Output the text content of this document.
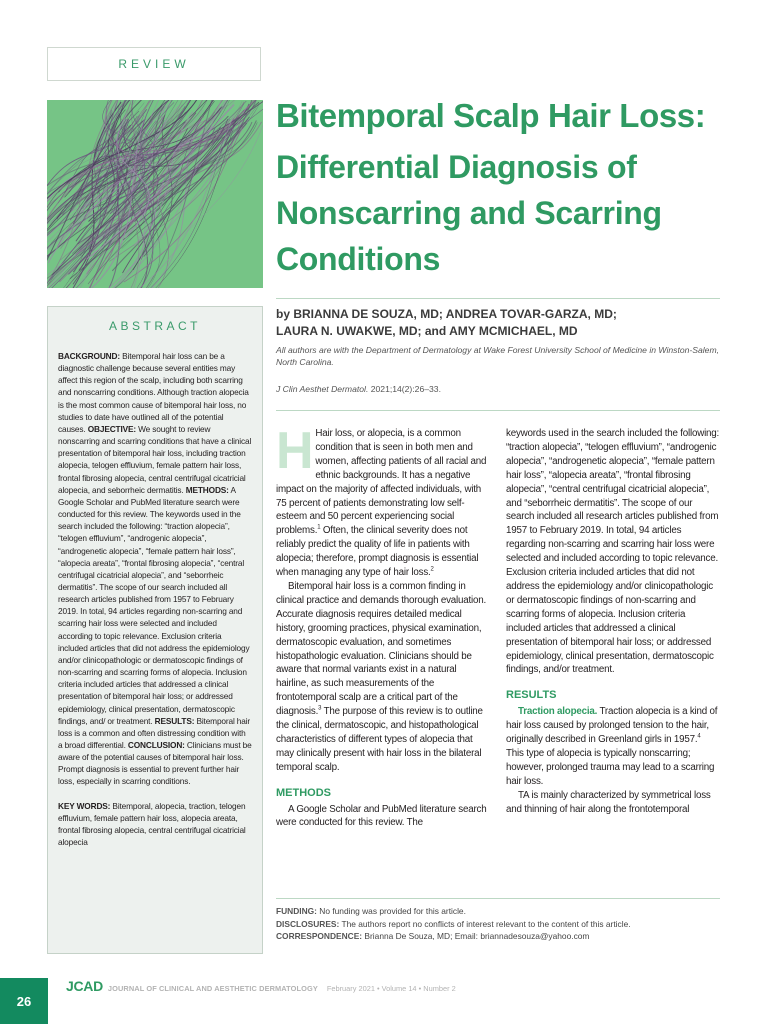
REVIEW
Bitemporal Scalp Hair Loss:
Differential Diagnosis of Nonscarring and Scarring Conditions
by BRIANNA DE SOUZA, MD; ANDREA TOVAR-GARZA, MD;
LAURA N. UWAKWE, MD; and AMY MCMICHAEL, MD
All authors are with the Department of Dermatology at Wake Forest University School of Medicine in Winston-Salem, North Carolina.
J Clin Aesthet Dermatol. 2021;14(2):26–33.
ABSTRACT
BACKGROUND: Bitemporal hair loss can be a diagnostic challenge because several entities may affect this region of the scalp, including both scarring and nonscarring conditions. Although traction alopecia is the most common cause of bitemporal hair loss, no studies to date have outlined all of the potential causes. OBJECTIVE: We sought to review nonscarring and scarring conditions that have a clinical presentation of bitemporal hair loss, including traction alopecia, telogen effluvium, female pattern hair loss, frontal fibrosing alopecia, central centrifugal cicatricial alopecia, and seborrheic dermatitis. METHODS: A Google Scholar and PubMed literature search were conducted for this review. The keywords used in the search included the following: “traction alopecia”, “telogen effluvium”, “androgenic alopecia”, “androgenetic alopecia”, “female pattern hair loss”, “alopecia areata”, “frontal fibrosing alopecia”, “central centrifugal cicatricial alopecia”, and “seborrheic dermatitis”. The scope of our search included all research articles published from 1957 to February 2019. In total, 94 articles regarding non-scarring and scarring hair loss were selected and included according to topic relevance. Exclusion criteria included articles that did not address the epidemiology and/or clinicopathologic or dermatoscopic findings of non-scarring and scarring forms of alopecia. Inclusion criteria included articles that addressed a clinical presentation of bitemporal hair loss; or addressed epidemiology, clinical presentation, dermatoscopic findings, and/ or treatment. RESULTS: Bitemporal hair loss is a common and often distressing condition with a broad differential. CONCLUSION: Clinicians must be aware of the potential causes of bitemporal hair loss. Prompt diagnosis is essential to prevent further hair loss, especially in scarring conditions.
KEY WORDS: Bitemporal, alopecia, traction, telogen effluvium, female pattern hair loss, alopecia areata, frontal fibrosing alopecia, central centrifugal cicatricial alopecia

H Hair loss, or alopecia, is a common condition that is seen in both men and women, affecting patients of all racial and ethnic backgrounds. It has a negative impact on the majority of affected individuals, with 75 percent of patients demonstrating low self-esteem and 50 percent experiencing social problems.$^1$ Often, the clinical severity does not reliably predict the quality of life in patients with alopecia; therefore, prompt diagnosis is essential when managing any type of hair loss.$^2$

Bitemporal hair loss is a common finding in clinical practice and demands thorough evaluation. Accurate diagnosis requires detailed medical history, grooming practices, physical examination, dermatoscopic evaluation, and sometimes histopathologic evaluation. Clinicians should be aware that normal variants exist in a natural hairline, as such measurements of the frontotemporal scalp are a critical part of the diagnosis.$^3$ The purpose of this review is to outline the clinical, dermatoscopic, and histopathological characteristics of different types of alopecia that may clinically present with hair loss in the bilateral temporal scalp.

METHODS

A Google Scholar and PubMed literature search were conducted for this review. The

keywords used in the search included the following: “traction alopecia”, “telogen effluvium”, “androgenic alopecia”, “androgenetic alopecia”, “female pattern hair loss”, “alopecia areata”, “frontal fibrosing alopecia”, “central centrifugal cicatricial alopecia”, and “seborrheic dermatitis”. The scope of our search included all research articles published from 1957 to February 2019. In total, 94 articles regarding non-scarring and scarring hair loss were selected and included according to topic relevance. Exclusion criteria included articles that did not address the epidemiology and/or clinicopathologic or dermatoscopic findings of non-scarring and scarring forms of alopecia. Inclusion criteria included articles that addressed a clinical presentation of bitemporal hair loss; or addressed epidemiology, clinical presentation, dermatoscopic findings, and/or treatment.

RESULTS

Traction alopecia. Traction alopecia is a kind of hair loss caused by prolonged tension to the hair, originally described in Greenland girls in 1957.$^4$ This type of alopecia is typically nonscarring; however, prolonged trauma may lead to a scarring hair loss.

TA is mainly characterized by symmetrical loss and thinning of hair along the frontotemporal

FUNDING: No funding was provided for this article.
DISCLOSURES: The authors report no conflicts of interest relevant to the content of this article.
CORRESPONDENCE: Brianna De Souza, MD; Email: briannadesouza@yahoo.com
26
JCAD JOURNAL OF CLINICAL AND AESTHETIC DERMATOLOGY February 2021 • Volume 14 • Number 2
